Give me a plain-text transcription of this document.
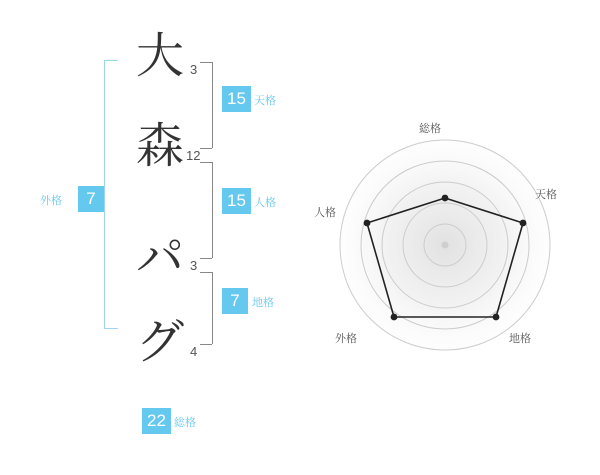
大
森
パ
グ
3
12
3
4
15 天格
15 人格
7	地格
7
外格
22 総格
総格
天格
地格
外格
人格
